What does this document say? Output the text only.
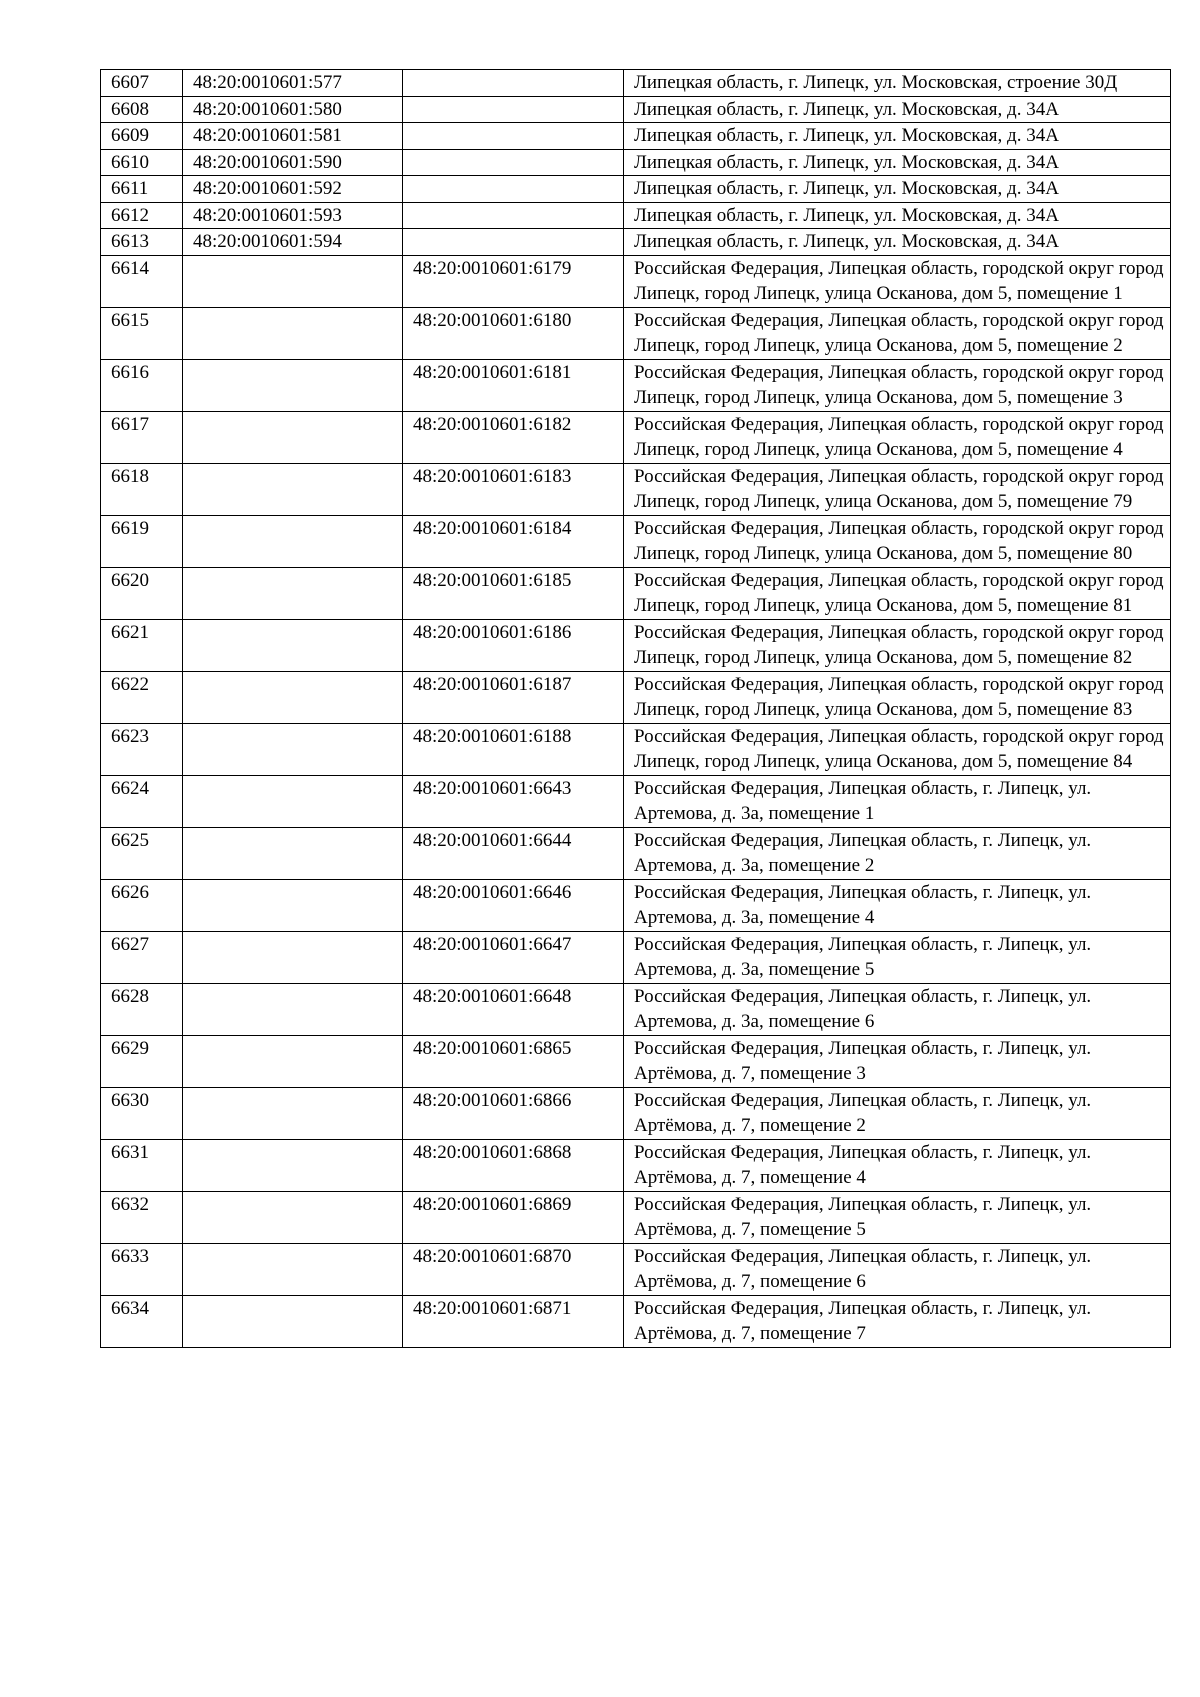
6607	48:20:0010601:577		Липецкая область, г. Липецк, ул. Московская, строение 30Д
6608	48:20:0010601:580		Липецкая область, г. Липецк, ул. Московская, д. 34А
6609	48:20:0010601:581		Липецкая область, г. Липецк, ул. Московская, д. 34А
6610	48:20:0010601:590		Липецкая область, г. Липецк, ул. Московская, д. 34А
6611	48:20:0010601:592		Липецкая область, г. Липецк, ул. Московская, д. 34А
6612	48:20:0010601:593		Липецкая область, г. Липецк, ул. Московская, д. 34А
6613	48:20:0010601:594		Липецкая область, г. Липецк, ул. Московская, д. 34А
6614		48:20:0010601:6179	Российская Федерация, Липецкая область, городской округ город Липецк, город Липецк, улица Осканова, дом 5, помещение 1
6615		48:20:0010601:6180	Российская Федерация, Липецкая область, городской округ город Липецк, город Липецк, улица Осканова, дом 5, помещение 2
6616		48:20:0010601:6181	Российская Федерация, Липецкая область, городской округ город Липецк, город Липецк, улица Осканова, дом 5, помещение 3
6617		48:20:0010601:6182	Российская Федерация, Липецкая область, городской округ город Липецк, город Липецк, улица Осканова, дом 5, помещение 4
6618		48:20:0010601:6183	Российская Федерация, Липецкая область, городской округ город Липецк, город Липецк, улица Осканова, дом 5, помещение 79
6619		48:20:0010601:6184	Российская Федерация, Липецкая область, городской округ город Липецк, город Липецк, улица Осканова, дом 5, помещение 80
6620		48:20:0010601:6185	Российская Федерация, Липецкая область, городской округ город Липецк, город Липецк, улица Осканова, дом 5, помещение 81
6621		48:20:0010601:6186	Российская Федерация, Липецкая область, городской округ город Липецк, город Липецк, улица Осканова, дом 5, помещение 82
6622		48:20:0010601:6187	Российская Федерация, Липецкая область, городской округ город Липецк, город Липецк, улица Осканова, дом 5, помещение 83
6623		48:20:0010601:6188	Российская Федерация, Липецкая область, городской округ город Липецк, город Липецк, улица Осканова, дом 5, помещение 84
6624		48:20:0010601:6643	Российская Федерация, Липецкая область, г. Липецк, ул. Артемова, д. 3а, помещение 1
6625		48:20:0010601:6644	Российская Федерация, Липецкая область, г. Липецк, ул. Артемова, д. 3а, помещение 2
6626		48:20:0010601:6646	Российская Федерация, Липецкая область, г. Липецк, ул. Артемова, д. 3а, помещение 4
6627		48:20:0010601:6647	Российская Федерация, Липецкая область, г. Липецк, ул. Артемова, д. 3а, помещение 5
6628		48:20:0010601:6648	Российская Федерация, Липецкая область, г. Липецк, ул. Артемова, д. 3а, помещение 6
6629		48:20:0010601:6865	Российская Федерация, Липецкая область, г. Липецк, ул. Артёмова, д. 7, помещение 3
6630		48:20:0010601:6866	Российская Федерация, Липецкая область, г. Липецк, ул. Артёмова, д. 7, помещение 2
6631		48:20:0010601:6868	Российская Федерация, Липецкая область, г. Липецк, ул. Артёмова, д. 7, помещение 4
6632		48:20:0010601:6869	Российская Федерация, Липецкая область, г. Липецк, ул. Артёмова, д. 7, помещение 5
6633		48:20:0010601:6870	Российская Федерация, Липецкая область, г. Липецк, ул. Артёмова, д. 7, помещение 6
6634		48:20:0010601:6871	Российская Федерация, Липецкая область, г. Липецк, ул. Артёмова, д. 7, помещение 7
